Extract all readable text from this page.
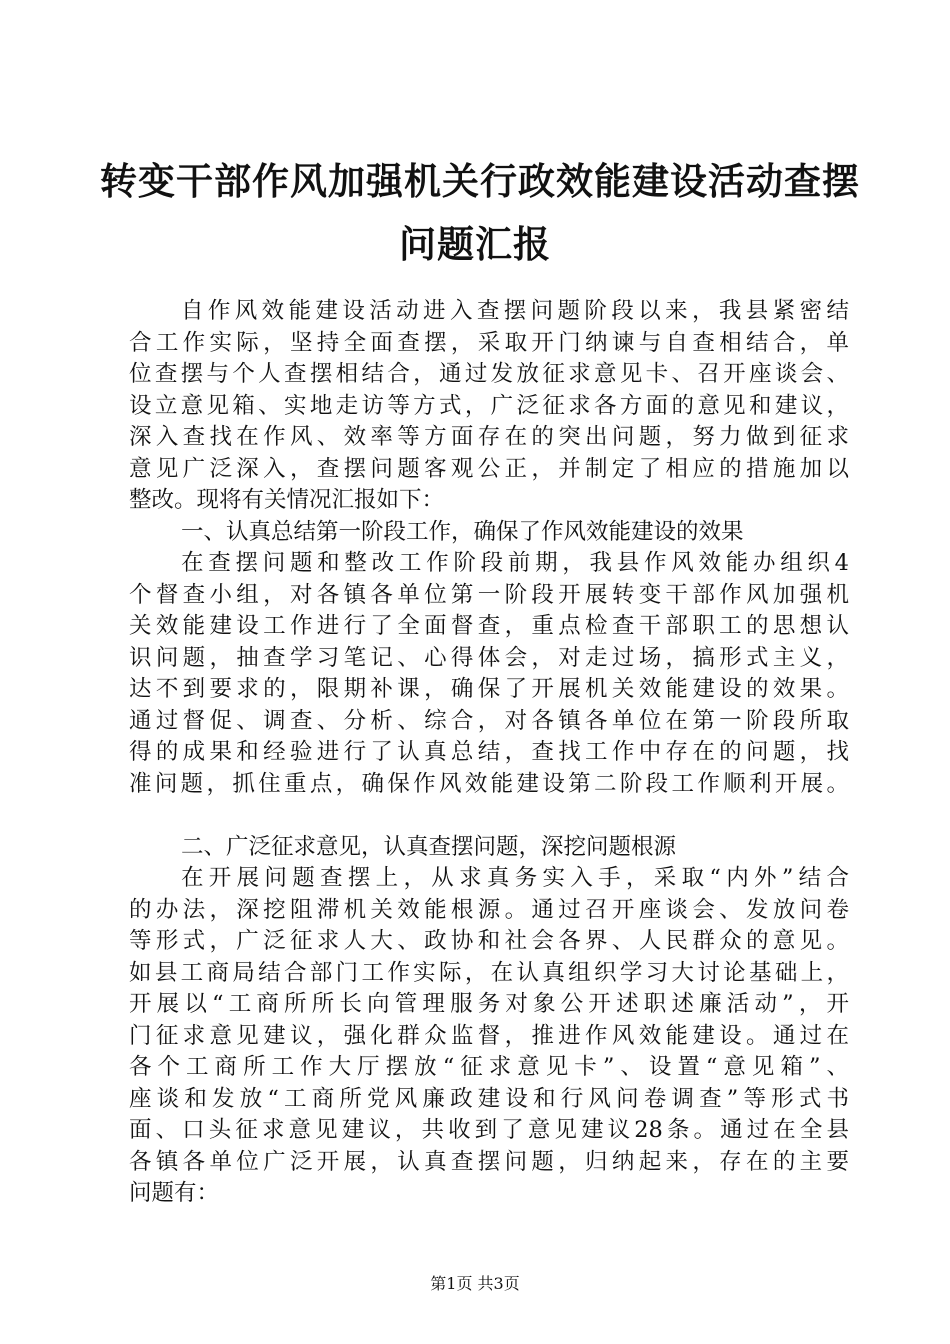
转变干部作风加强机关行政效能建设活动查摆
问题汇报
自作风效能建设活动进入查摆问题阶段以来，我县紧密结
合工作实际，坚持全面查摆，采取开门纳谏与自查相结合，单
位查摆与个人查摆相结合，通过发放征求意见卡、召开座谈会、
设立意见箱、实地走访等方式，广泛征求各方面的意见和建议，
深入查找在作风、效率等方面存在的突出问题，努力做到征求
意见广泛深入，查摆问题客观公正，并制定了相应的措施加以
整改。现将有关情况汇报如下：
一、认真总结第一阶段工作，确保了作风效能建设的效果
在查摆问题和整改工作阶段前期，我县作风效能办组织4
个督查小组，对各镇各单位第一阶段开展转变干部作风加强机
关效能建设工作进行了全面督查，重点检查干部职工的思想认
识问题，抽查学习笔记、心得体会，对走过场，搞形式主义，
达不到要求的，限期补课，确保了开展机关效能建设的效果。
通过督促、调查、分析、综合，对各镇各单位在第一阶段所取
得的成果和经验进行了认真总结，查找工作中存在的问题，找
准问题，抓住重点，确保作风效能建设第二阶段工作顺利开展。
二、广泛征求意见，认真查摆问题，深挖问题根源
在开展问题查摆上，从求真务实入手，采取“内外”结合
的办法，深挖阻滞机关效能根源。通过召开座谈会、发放问卷
等形式，广泛征求人大、政协和社会各界、人民群众的意见。
如县工商局结合部门工作实际，在认真组织学习大讨论基础上，
开展以“工商所所长向管理服务对象公开述职述廉活动”，开
门征求意见建议，强化群众监督，推进作风效能建设。通过在
各个工商所工作大厅摆放“征求意见卡”、设置“意见箱”、
座谈和发放“工商所党风廉政建设和行风问卷调查”等形式书
面、口头征求意见建议，共收到了意见建议28条。通过在全县
各镇各单位广泛开展，认真查摆问题，归纳起来，存在的主要
问题有：
第1页 共3页
